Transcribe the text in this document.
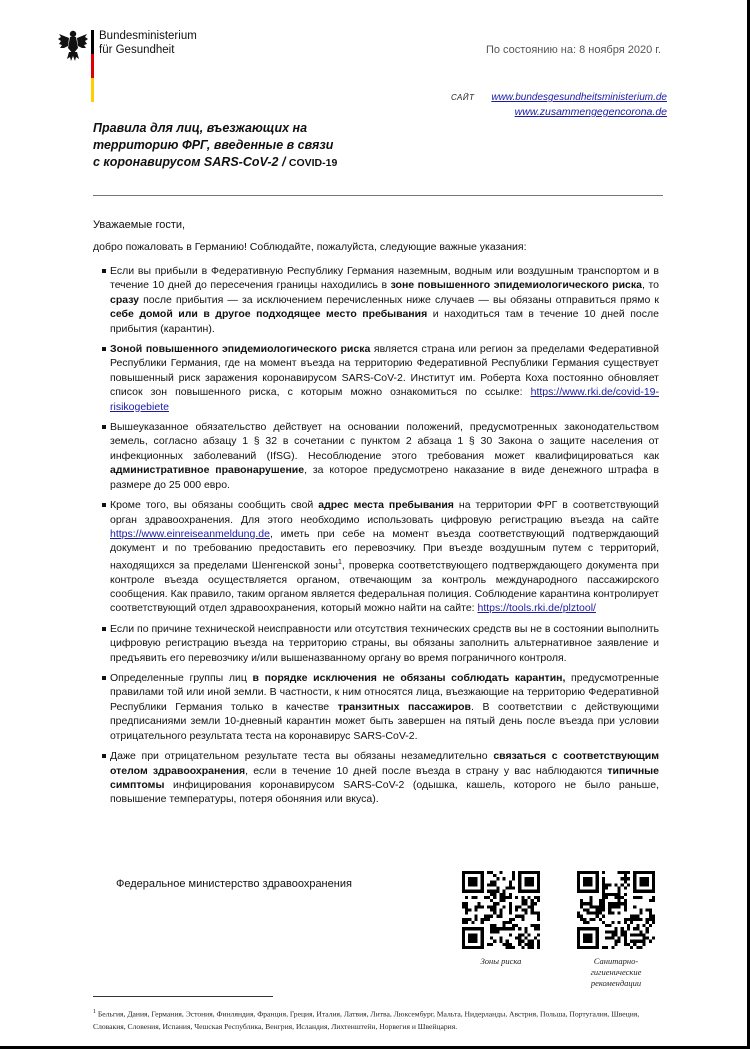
Bundesministerium
für Gesundheit	По состоянию на: 8 ноября 2020 г.
САЙТ www.bundesgesundheitsministerium.de
www.zusammengegencorona.de
Правила для лиц, въезжающих на
территорию ФРГ, введенные в связи
с коронавирусом SARS-CoV-2 / COVID-19
Уважаемые гости,
добро пожаловать в Германию! Соблюдайте, пожалуйста, следующие важные указания:
Если вы прибыли в Федеративную Республику Германия наземным, водным или воздушным транспортом и в течение 10 дней до пересечения границы находились в зоне повышенного эпидемиологического риска, то сразу после прибытия — за исключением перечисленных ниже случаев — вы обязаны отправиться прямо к себе домой или в другое подходящее место пребывания и находиться там в течение 10 дней после прибытия (карантин).
Зоной повышенного эпидемиологического риска является страна или регион за пределами Федеративной Республики Германия, где на момент въезда на территорию Федеративной Республики Германия существует повышенный риск заражения коронавирусом SARS-CoV-2. Институт им. Роберта Коха постоянно обновляет список зон повышенного риска, с которым можно ознакомиться по ссылке: https://www.rki.de/covid-19-risikogebiete
Вышеуказанное обязательство действует на основании положений, предусмотренных законодательством земель, согласно абзацу 1 § 32 в сочетании с пунктом 2 абзаца 1 § 30 Закона о защите населения от инфекционных заболеваний (IfSG). Несоблюдение этого требования может квалифицироваться как административное правонарушение, за которое предусмотрено наказание в виде денежного штрафа в размере до 25 000 евро.
Кроме того, вы обязаны сообщить свой адрес места пребывания на территории ФРГ в соответствующий орган здравоохранения. Для этого необходимо использовать цифровую регистрацию въезда на сайте https://www.einreiseanmeldung.de, иметь при себе на момент въезда соответствующий подтверждающий документ и по требованию предоставить его перевозчику. При въезде воздушным путем с территорий, находящихся за пределами Шенгенской зоны$^1$, проверка соответствующего подтверждающего документа при контроле въезда осуществляется органом, отвечающим за контроль международного пассажирского сообщения. Как правило, таким органом является федеральная полиция. Соблюдение карантина контролирует соответствующий отдел здравоохранения, который можно найти на сайте: https://tools.rki.de/plztool/
Если по причине технической неисправности или отсутствия технических средств вы не в состоянии выполнить цифровую регистрацию въезда на территорию страны, вы обязаны заполнить альтернативное заявление и предъявить его перевозчику и/или вышеназванному органу во время пограничного контроля.
Определенные группы лиц в порядке исключения не обязаны соблюдать карантин, предусмотренные правилами той или иной земли. В частности, к ним относятся лица, въезжающие на территорию Федеративной Республики Германия только в качестве транзитных пассажиров. В соответствии с действующими предписаниями земли 10-дневный карантин может быть завершен на пятый день после въезда при условии отрицательного результата теста на коронавирус SARS-CoV-2.
Даже при отрицательном результате теста вы обязаны незамедлительно связаться с соответствующим отелом здравоохранения, если в течение 10 дней после въезда в страну у вас наблюдаются типичные симптомы инфицирования коронавирусом SARS-CoV-2 (одышка, кашель, которого не было раньше, повышение температуры, потеря обоняния или вкуса).
Федеральное министерство здравоохранения
Зоны риска	Санитарно-
гигиенические
рекомендации
$^1$ Бельгия, Дания, Германия, Эстония, Финляндия, Франция, Греция, Италия, Латвия, Литва, Люксембург, Мальта, Нидерланды, Австрия, Польша, Португалия, Швеция, Словакия, Словения, Испания, Чешская Республика, Венгрия, Исландия, Лихтенштейн, Норвегия и Швейцария.
